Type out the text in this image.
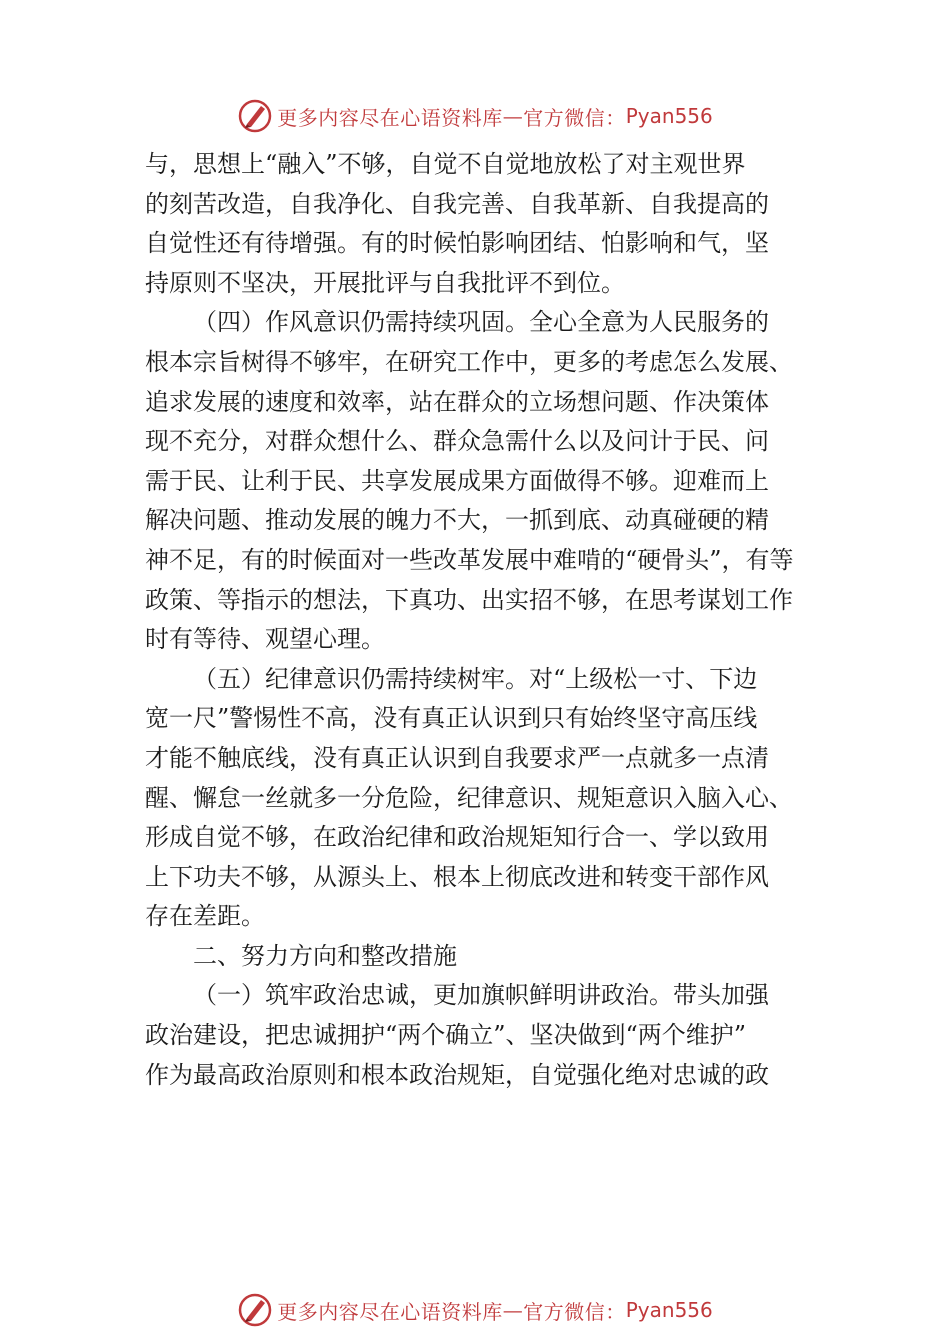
更多内容尽在心语资料库 — 官方微信： Pyan556
与，思想上“融入”不够，自觉不自觉地放松了对主观世界
的刻苦改造，自我净化、自我完善、自我革新、自我提高的
自觉性还有待增强。有的时候怕影响团结、怕影响和气，坚
持原则不坚决，开展批评与自我批评不到位。
（四）作风意识仍需持续巩固。全心全意为人民服务的
根本宗旨树得不够牢，在研究工作中，更多的考虑怎么发展、
追求发展的速度和效率，站在群众的立场想问题、作决策体
现不充分，对群众想什么、群众急需什么以及问计于民、问
需于民、让利于民、共享发展成果方面做得不够。迎难而上
解决问题、推动发展的魄力不大，一抓到底、动真碰硬的精
神不足，有的时候面对一些改革发展中难啃的“硬骨头”，有等
政策、等指示的想法，下真功、出实招不够，在思考谋划工作
时有等待、观望心理。
（五）纪律意识仍需持续树牢。对“上级松一寸、下边
宽一尺”警惕性不高，没有真正认识到只有始终坚守高压线
才能不触底线，没有真正认识到自我要求严一点就多一点清
醒、懈怠一丝就多一分危险，纪律意识、规矩意识入脑入心、
形成自觉不够，在政治纪律和政治规矩知行合一、学以致用
上下功夫不够，从源头上、根本上彻底改进和转变干部作风
存在差距。
二、努力方向和整改措施
（一）筑牢政治忠诚，更加旗帜鲜明讲政治。带头加强
政治建设，把忠诚拥护“两个确立”、坚决做到“两个维护”
作为最高政治原则和根本政治规矩，自觉强化绝对忠诚的政
更多内容尽在心语资料库 — 官方微信： Pyan556
